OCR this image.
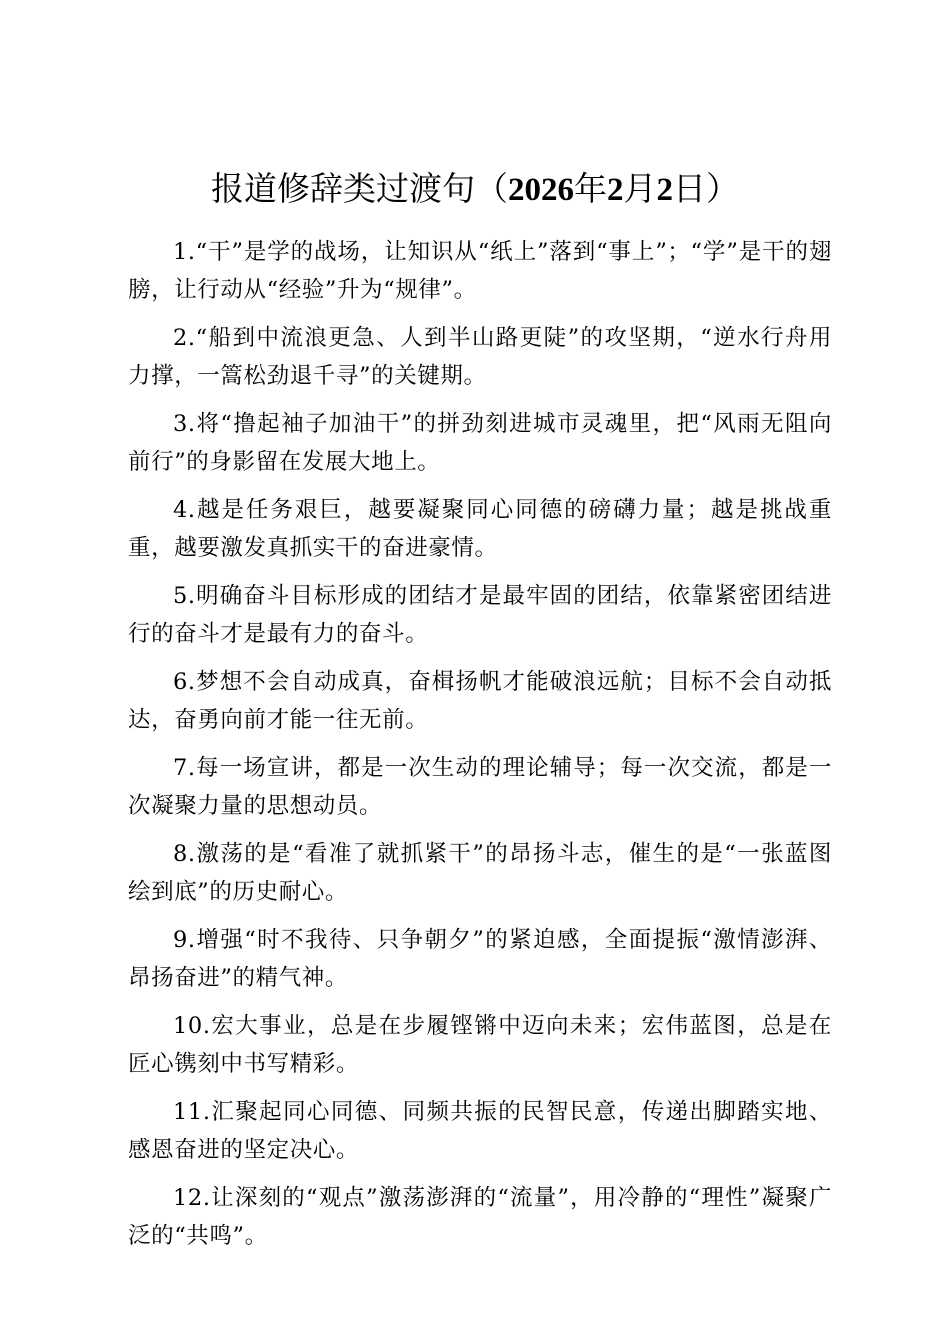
报道修辞类过渡句（2026年2月2日）

1.“干”是学的战场，让知识从“纸上”落到“事上”；“学”是干的翅膀，让行动从“经验”升为“规律”。

2.“船到中流浪更急、人到半山路更陡”的攻坚期，“逆水行舟用力撑，一篙松劲退千寻”的关键期。

3.将“撸起袖子加油干”的拼劲刻进城市灵魂里，把“风雨无阻向前行”的身影留在发展大地上。

4.越是任务艰巨，越要凝聚同心同德的磅礴力量；越是挑战重重，越要激发真抓实干的奋进豪情。

5.明确奋斗目标形成的团结才是最牢固的团结，依靠紧密团结进行的奋斗才是最有力的奋斗。

6.梦想不会自动成真，奋楫扬帆才能破浪远航；目标不会自动抵达，奋勇向前才能一往无前。

7.每一场宣讲，都是一次生动的理论辅导；每一次交流，都是一次凝聚力量的思想动员。

8.激荡的是“看准了就抓紧干”的昂扬斗志，催生的是“一张蓝图绘到底”的历史耐心。

9.增强“时不我待、只争朝夕”的紧迫感，全面提振“激情澎湃、昂扬奋进”的精气神。

10.宏大事业，总是在步履铿锵中迈向未来；宏伟蓝图，总是在匠心镌刻中书写精彩。

11.汇聚起同心同德、同频共振的民智民意，传递出脚踏实地、感恩奋进的坚定决心。

12.让深刻的“观点”激荡澎湃的“流量”，用冷静的“理性”凝聚广泛的“共鸣”。
